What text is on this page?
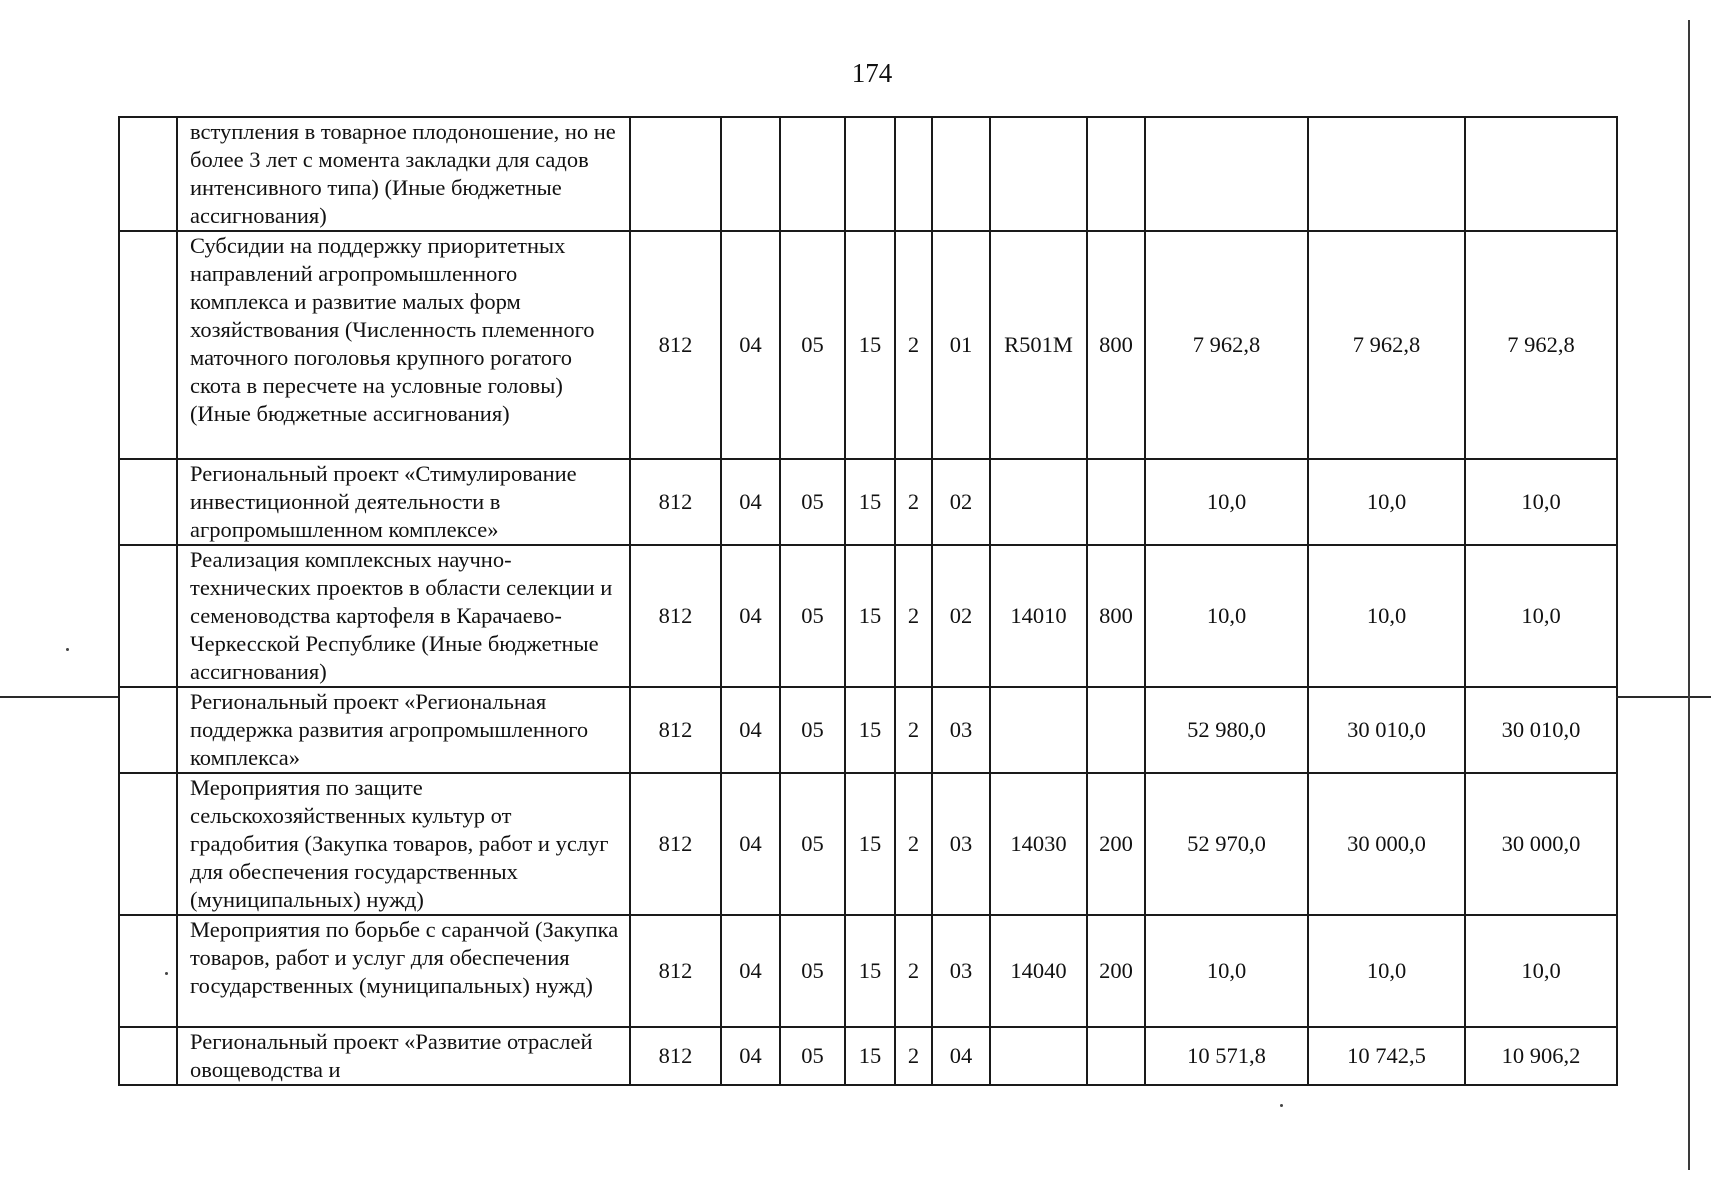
174
	вступления в товарное плодоношение, но не более 3 лет с момента закладки для садов интенсивного типа) (Иные бюджетные ассигнования)											
	Субсидии на поддержку приоритетных направлений агропромышленного комплекса и развитие малых форм хозяйствования (Численность племенного маточного поголовья крупного рогатого скота в пересчете на условные головы) (Иные бюджетные ассигнования)	812	04	05	15	2	01	R501M	800	7 962,8	7 962,8	7 962,8
	Региональный проект «Стимулирование инвестиционной деятельности в агропромышленном комплексе»	812	04	05	15	2	02			10,0	10,0	10,0
	Реализация комплексных научно-технических проектов в области селекции и семеноводства картофеля в Карачаево-Черкесской Республике (Иные бюджетные ассигнования)	812	04	05	15	2	02	14010	800	10,0	10,0	10,0
	Региональный проект «Региональная поддержка развития агропромышленного комплекса»	812	04	05	15	2	03			52 980,0	30 010,0	30 010,0
	Мероприятия по защите сельскохозяйственных культур от градобития (Закупка товаров, работ и услуг для обеспечения государственных (муниципальных) нужд)	812	04	05	15	2	03	14030	200	52 970,0	30 000,0	30 000,0
	Мероприятия по борьбе с саранчой (Закупка товаров, работ и услуг для обеспечения государственных (муниципальных) нужд)	812	04	05	15	2	03	14040	200	10,0	10,0	10,0
	Региональный проект «Развитие отраслей овощеводства и	812	04	05	15	2	04			10 571,8	10 742,5	10 906,2
